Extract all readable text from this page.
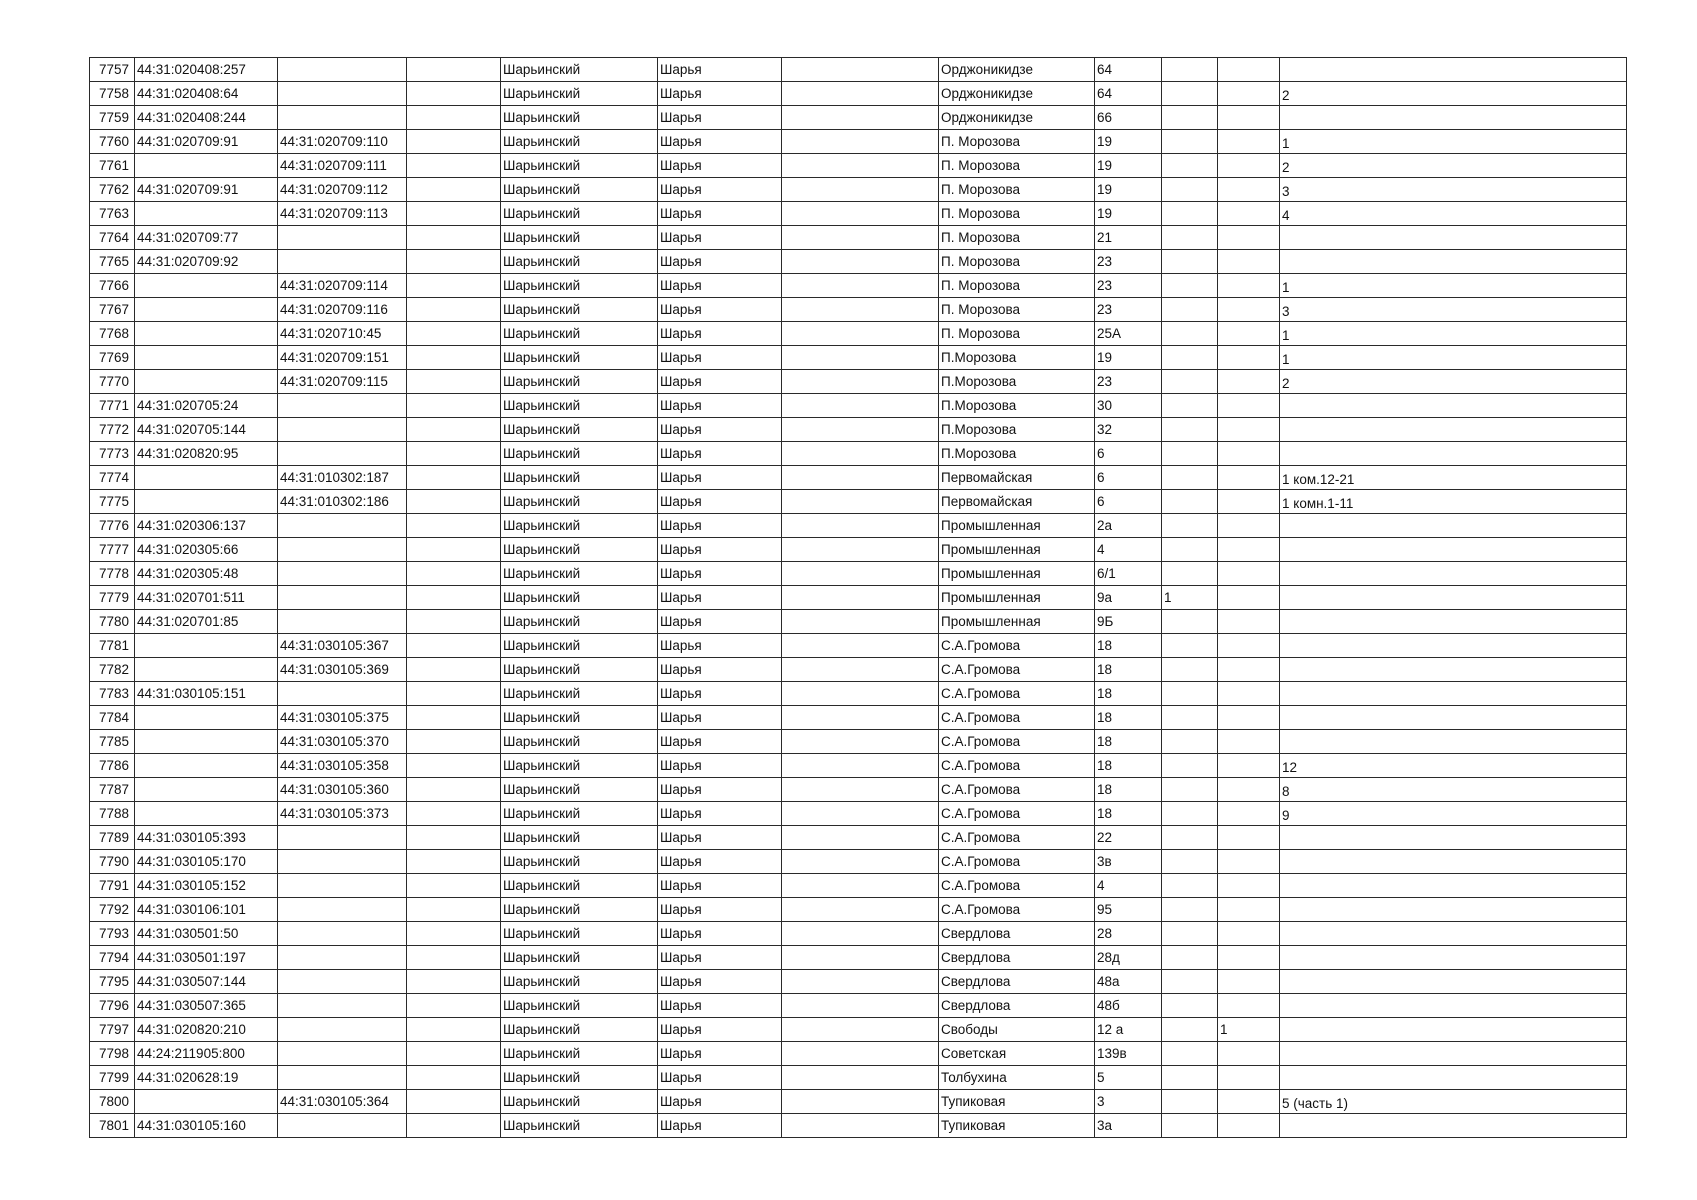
7757	44:31:020408:257			Шарьинский	Шарья		Орджоникидзе	64			
7758	44:31:020408:64			Шарьинский	Шарья		Орджоникидзе	64			2
7759	44:31:020408:244			Шарьинский	Шарья		Орджоникидзе	66			
7760	44:31:020709:91	44:31:020709:110		Шарьинский	Шарья		П. Морозова	19			1
7761		44:31:020709:111		Шарьинский	Шарья		П. Морозова	19			2
7762	44:31:020709:91	44:31:020709:112		Шарьинский	Шарья		П. Морозова	19			3
7763		44:31:020709:113		Шарьинский	Шарья		П. Морозова	19			4
7764	44:31:020709:77			Шарьинский	Шарья		П. Морозова	21			
7765	44:31:020709:92			Шарьинский	Шарья		П. Морозова	23			
7766		44:31:020709:114		Шарьинский	Шарья		П. Морозова	23			1
7767		44:31:020709:116		Шарьинский	Шарья		П. Морозова	23			3
7768		44:31:020710:45		Шарьинский	Шарья		П. Морозова	25А			1
7769		44:31:020709:151		Шарьинский	Шарья		П.Морозова	19			1
7770		44:31:020709:115		Шарьинский	Шарья		П.Морозова	23			2
7771	44:31:020705:24			Шарьинский	Шарья		П.Морозова	30			
7772	44:31:020705:144			Шарьинский	Шарья		П.Морозова	32			
7773	44:31:020820:95			Шарьинский	Шарья		П.Морозова	6			
7774		44:31:010302:187		Шарьинский	Шарья		Первомайская	6			1 ком.12-21
7775		44:31:010302:186		Шарьинский	Шарья		Первомайская	6			1 комн.1-11
7776	44:31:020306:137			Шарьинский	Шарья		Промышленная	2а			
7777	44:31:020305:66			Шарьинский	Шарья		Промышленная	4			
7778	44:31:020305:48			Шарьинский	Шарья		Промышленная	6/1			
7779	44:31:020701:511			Шарьинский	Шарья		Промышленная	9а	1		
7780	44:31:020701:85			Шарьинский	Шарья		Промышленная	9Б			
7781		44:31:030105:367		Шарьинский	Шарья		С.А.Громова	18			
7782		44:31:030105:369		Шарьинский	Шарья		С.А.Громова	18			
7783	44:31:030105:151			Шарьинский	Шарья		С.А.Громова	18			
7784		44:31:030105:375		Шарьинский	Шарья		С.А.Громова	18			
7785		44:31:030105:370		Шарьинский	Шарья		С.А.Громова	18			
7786		44:31:030105:358		Шарьинский	Шарья		С.А.Громова	18			12
7787		44:31:030105:360		Шарьинский	Шарья		С.А.Громова	18			8
7788		44:31:030105:373		Шарьинский	Шарья		С.А.Громова	18			9
7789	44:31:030105:393			Шарьинский	Шарья		С.А.Громова	22			
7790	44:31:030105:170			Шарьинский	Шарья		С.А.Громова	3в			
7791	44:31:030105:152			Шарьинский	Шарья		С.А.Громова	4			
7792	44:31:030106:101			Шарьинский	Шарья		С.А.Громова	95			
7793	44:31:030501:50			Шарьинский	Шарья		Свердлова	28			
7794	44:31:030501:197			Шарьинский	Шарья		Свердлова	28д			
7795	44:31:030507:144			Шарьинский	Шарья		Свердлова	48а			
7796	44:31:030507:365			Шарьинский	Шарья		Свердлова	48б			
7797	44:31:020820:210			Шарьинский	Шарья		Свободы	12 а		1	
7798	44:24:211905:800			Шарьинский	Шарья		Советская	139в			
7799	44:31:020628:19			Шарьинский	Шарья		Толбухина	5			
7800		44:31:030105:364		Шарьинский	Шарья		Тупиковая	3			5 (часть 1)
7801	44:31:030105:160			Шарьинский	Шарья		Тупиковая	3а			
